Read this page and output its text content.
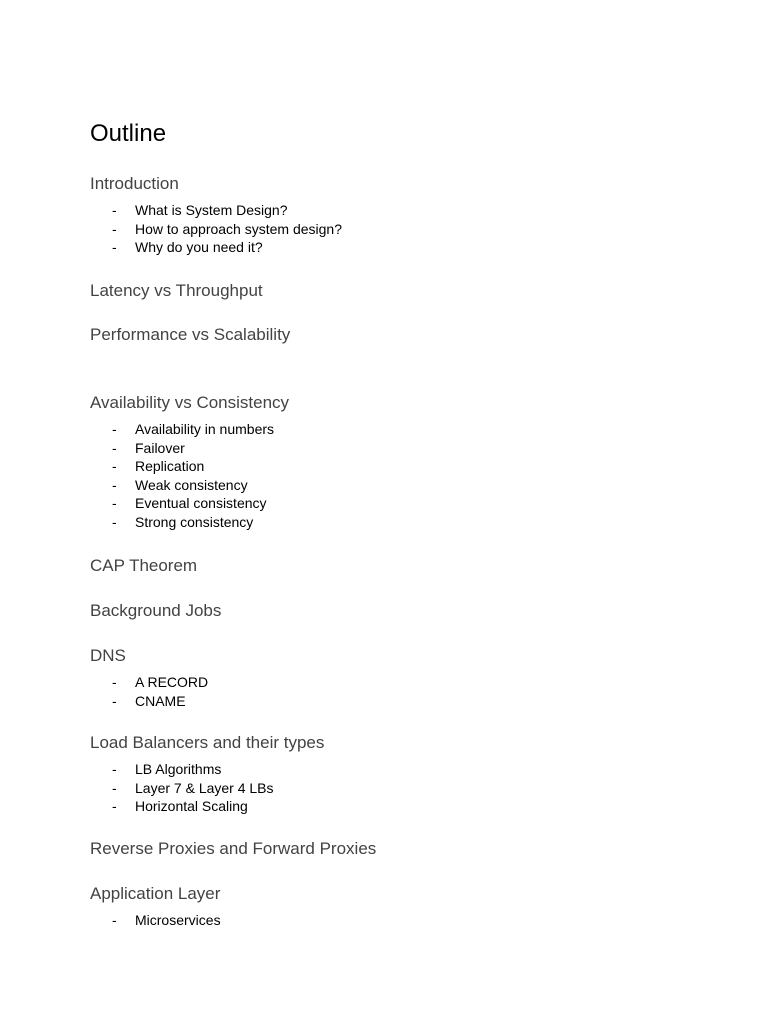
Outline
Introduction
- What is System Design?
- How to approach system design?
- Why do you need it?
Latency vs Throughput
Performance vs Scalability
Availability vs Consistency
- Availability in numbers
- Failover
- Replication
- Weak consistency
- Eventual consistency
- Strong consistency
CAP Theorem
Background Jobs
DNS
- A RECORD
- CNAME
Load Balancers and their types
- LB Algorithms
- Layer 7 & Layer 4 LBs
- Horizontal Scaling
Reverse Proxies and Forward Proxies
Application Layer
- Microservices
